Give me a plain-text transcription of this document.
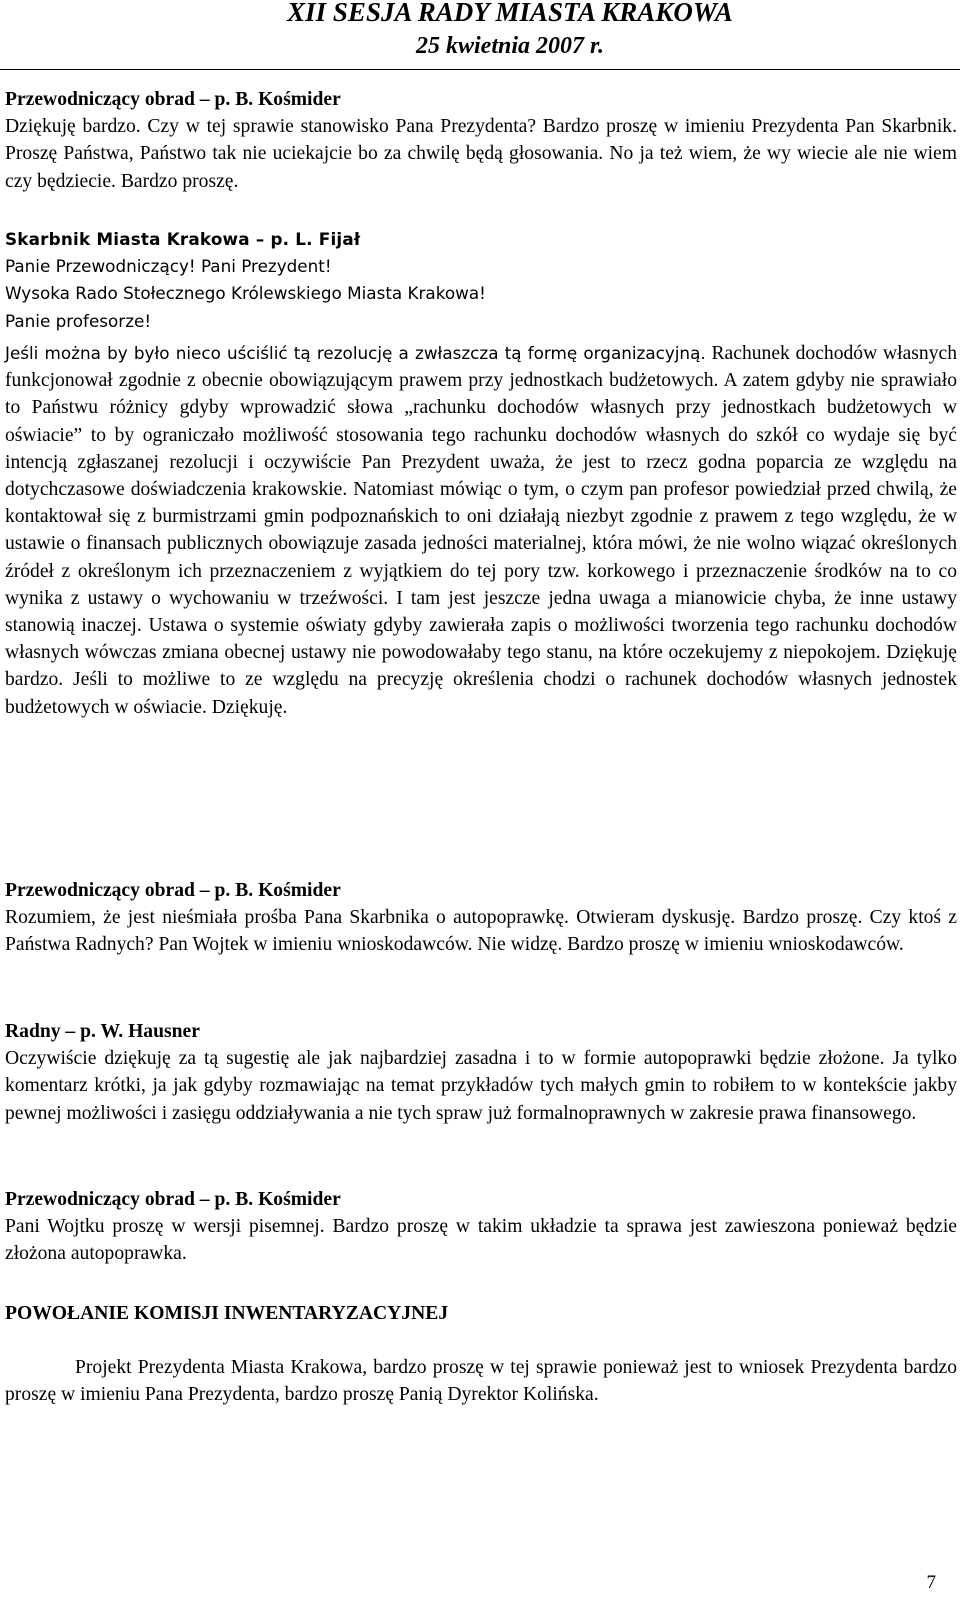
XII SESJA RADY MIASTA KRAKOWA
25 kwietnia 2007 r.

Przewodniczący obrad – p. B. Kośmider

Dziękuję bardzo. Czy w tej sprawie stanowisko Pana Prezydenta? Bardzo proszę w imieniu Prezydenta Pan Skarbnik. Proszę Państwa, Państwo tak nie uciekajcie bo za chwilę będą głosowania. No ja też wiem, że wy wiecie ale nie wiem czy będziecie. Bardzo proszę.

Skarbnik Miasta Krakowa – p. L. Fijał

Panie Przewodniczący! Pani Prezydent!

Wysoka Rado Stołecznego Królewskiego Miasta Krakowa!

Panie profesorze!

Jeśli można by było nieco uściślić tą rezolucję a zwłaszcza tą formę organizacyjną. Rachunek dochodów własnych funkcjonował zgodnie z obecnie obowiązującym prawem przy jednostkach budżetowych. A zatem gdyby nie sprawiało to Państwu różnicy gdyby wprowadzić słowa „rachunku dochodów własnych przy jednostkach budżetowych w oświacie” to by ograniczało możliwość stosowania tego rachunku dochodów własnych do szkół co wydaje się być intencją zgłaszanej rezolucji i oczywiście Pan Prezydent uważa, że jest to rzecz godna poparcia ze względu na dotychczasowe doświadczenia krakowskie. Natomiast mówiąc o tym, o czym pan profesor powiedział przed chwilą, że kontaktował się z burmistrzami gmin podpoznańskich to oni działają niezbyt zgodnie z prawem z tego względu, że w ustawie o finansach publicznych obowiązuje zasada jedności materialnej, która mówi, że nie wolno wiązać określonych źródeł z określonym ich przeznaczeniem z wyjątkiem do tej pory tzw. korkowego i przeznaczenie środków na to co wynika z ustawy o wychowaniu w trzeźwości. I tam jest jeszcze jedna uwaga a mianowicie chyba, że inne ustawy stanowią inaczej. Ustawa o systemie oświaty gdyby zawierała zapis o możliwości tworzenia tego rachunku dochodów własnych wówczas zmiana obecnej ustawy nie powodowałaby tego stanu, na które oczekujemy z niepokojem. Dziękuję bardzo. Jeśli to możliwe to ze względu na precyzję określenia chodzi o rachunek dochodów własnych jednostek budżetowych w oświacie. Dziękuję.

Przewodniczący obrad – p. B. Kośmider

Rozumiem, że jest nieśmiała prośba Pana Skarbnika o autopoprawkę. Otwieram dyskusję. Bardzo proszę. Czy ktoś z Państwa Radnych? Pan Wojtek w imieniu wnioskodawców. Nie widzę. Bardzo proszę w imieniu wnioskodawców.

Radny – p. W. Hausner

Oczywiście dziękuję za tą sugestię ale jak najbardziej zasadna i to w formie autopoprawki będzie złożone. Ja tylko komentarz krótki, ja jak gdyby rozmawiając na temat przykładów tych małych gmin to robiłem to w kontekście jakby pewnej możliwości i zasięgu oddziaływania a nie tych spraw już formalnoprawnych w zakresie prawa finansowego.

Przewodniczący obrad – p. B. Kośmider

Pani Wojtku proszę w wersji pisemnej. Bardzo proszę w takim układzie ta sprawa jest zawieszona ponieważ będzie złożona autopoprawka.

POWOŁANIE KOMISJI INWENTARYZACYJNEJ

Projekt Prezydenta Miasta Krakowa, bardzo proszę w tej sprawie ponieważ jest to wniosek Prezydenta bardzo proszę w imieniu Pana Prezydenta, bardzo proszę Panią Dyrektor Kolińska.

7
